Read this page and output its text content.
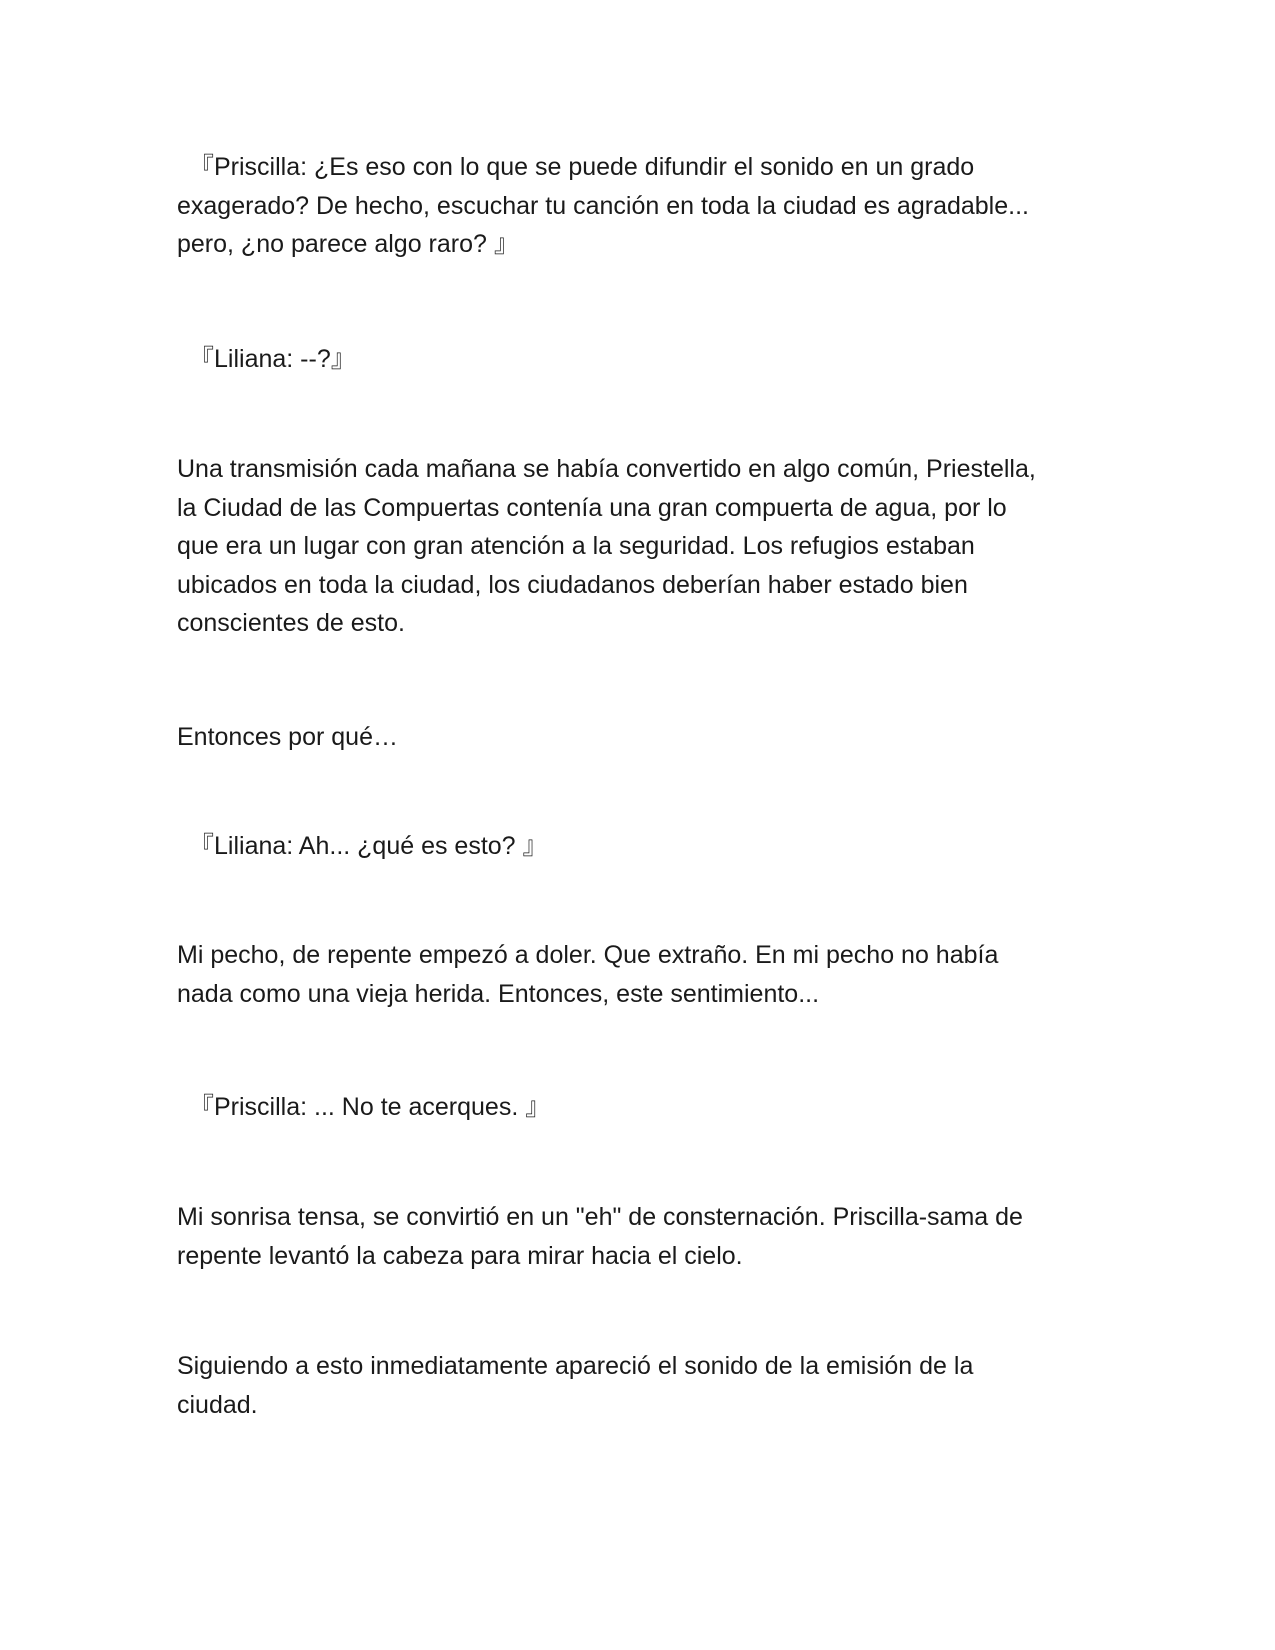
『Priscilla: ¿Es eso con lo que se puede difundir el sonido en un grado
exagerado? De hecho, escuchar tu canción en toda la ciudad es agradable...
pero, ¿no parece algo raro? 』

『Liliana: --?』

Una transmisión cada mañana se había convertido en algo común, Priestella,
la Ciudad de las Compuertas contenía una gran compuerta de agua, por lo
que era un lugar con gran atención a la seguridad. Los refugios estaban
ubicados en toda la ciudad, los ciudadanos deberían haber estado bien
conscientes de esto.

Entonces por qué…

『Liliana: Ah... ¿qué es esto? 』

Mi pecho, de repente empezó a doler. Que extraño. En mi pecho no había
nada como una vieja herida. Entonces, este sentimiento...

『Priscilla: ... No te acerques. 』

Mi sonrisa tensa, se convirtió en un "eh" de consternación. Priscilla-sama de
repente levantó la cabeza para mirar hacia el cielo.

Siguiendo a esto inmediatamente apareció el sonido de la emisión de la
ciudad.
